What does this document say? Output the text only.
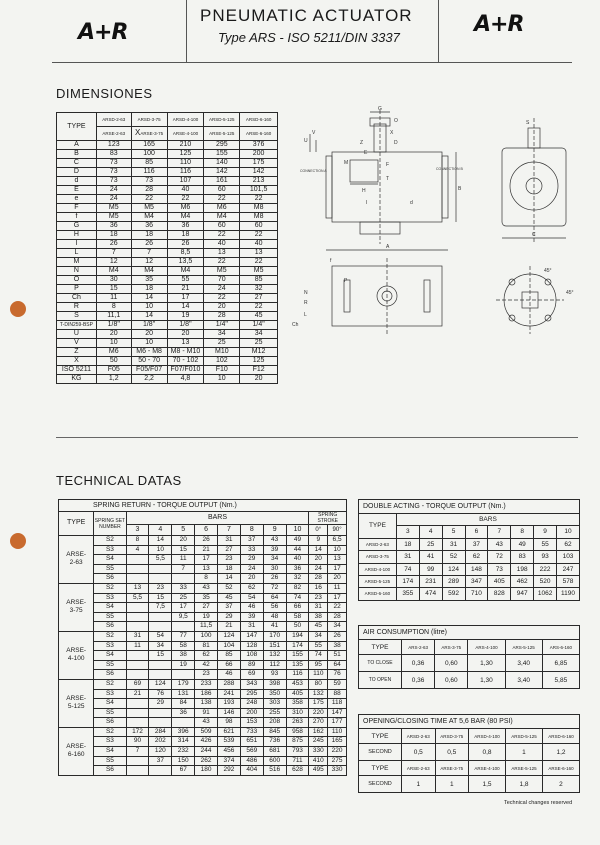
A+R	A+R
PNEUMATIC ACTUATOR
Type ARS - ISO 5211/DIN 3337
DIMENSIONES
TYPE	ARSD-2-63	ARSD-3-75	ARSD-4-100	ARSD-5-125	ARSD-6-160
	ARSE-2-63	XARSE-3-75	ARSE-4-100	ARSE-5-125	ARSE-6-160
A	123	165	210	295	376
B	83	100	125	155	200
C	73	85	110	140	175
D	73	116	116	142	142
d	73	73	107	161	213
E	24	28	40	60	101,5
e	24	22	22	22	22
F	M5	M5	M6	M6	M8
f	M5	M4	M4	M4	M8
G	36	36	36	60	60
H	18	18	18	22	22
I	26	26	26	40	40
L	7	7	8,5	13	13
M	12	12	13,5	22	22
N	M4	M4	M4	M5	M5
O	30	35	55	70	85
P	15	18	21	24	32
Ch	11	14	17	22	27
R	8	10	14	20	22
S	11,1	14	19	28	45
T-DIN259-BSP	1/8"	1/8"	1/8"	1/4"	1/4"
U	20	20	20	34	34
V	10	10	13	25	25
Z	M6	M6 - M8	M8 - M10	M10	M12
X	50	50 - 70	70 - 102	102	125
ISO 5211	F05	F05/F07	F07/F010	F10	F12
KG	1,2	2,2	4,8	10	20
G
O
X
D
Z
E
U
V
M	F
H
T
I	d
B
A
CONNECTION A	CONNECTION B
C
S
f
N
R
L
P
Ch
45°
45°
TECHNICAL DATAS
SPRING RETURN - TORQUE OUTPUT (Nm.)
TYPE	SPRING SET NUMBER	BARS								SPRING STROKE	
		3	4	5	6	7	8	9	10	0°	90°
ARSE-
2-63	S2	8	14	20	26	31	37	43	49	9	6,5
	S3	4	10	15	21	27	33	39	44	14	10
	S4		5,5	11	17	23	29	34	40	20	13
	S5			7	13	18	24	30	36	24	17
	S6				8	14	20	26	32	28	20
ARSE-
3-75	S2	13	23	33	43	52	62	72	82	16	11
	S3	5,5	15	25	35	45	54	64	74	23	17
	S4		7,5	17	27	37	46	56	66	31	22
	S5			9,5	19	29	39	48	58	38	28
	S6				11,5	21	31	41	50	45	34
ARSE-
4-100	S2	31	54	77	100	124	147	170	194	34	26
	S3	11	34	58	81	104	128	151	174	55	38
	S4		15	38	62	85	108	132	155	74	51
	S5			19	42	66	89	112	135	95	64
	S6				23	46	69	93	116	110	76
ARSE-
5-125	S2	69	124	179	233	288	343	398	453	80	59
	S3	21	76	131	186	241	295	350	405	132	88
	S4		29	84	138	193	248	303	358	175	118
	S5			36	91	146	200	255	310	220	147
	S6				43	98	153	208	263	270	177
ARSE-
6-160	S2	172	284	396	509	621	733	845	958	162	110
	S3	90	202	314	426	539	651	736	875	245	165
	S4	7	120	232	244	456	569	681	793	330	220
	S5		37	150	262	374	486	600	711	410	275
	S6			67	180	292	404	516	628	495	330
DOUBLE ACTING - TORQUE OUTPUT (Nm.)
TYPE	BARS							
	3	4	5	6	7	8	9	10
ARSD-2-63	18	25	31	37	43	49	55	62
ARSD-3-75	31	41	52	62	72	83	93	103
ARSD-4-100	74	99	124	148	73	198	222	247
ARSD-5-125	174	231	289	347	405	462	520	578
ARSD-6-160	355	474	592	710	828	947	1062	1190
AIR CONSUMPTION (litre)
TYPE	ARS-2-63	ARS-3-75	ARS-4-100	ARS-5-125	ARS-6-160
TO CLOSE	0,36	0,60	1,30	3,40	6,85
TO OPEN	0,36	0,60	1,30	3,40	5,85
OPENING/CLOSING TIME AT 5,6 BAR (80 PSI)
TYPE	ARSD-2-63	ARSD-3-75	ARSD-4-100	ARSD-5-125	ARSD-6-160
SECOND	0,5	0,5	0,8	1	1,2
TYPE	ARSE-2-63	ARSE-3-75	ARSE-4-100	ARSE-5-125	ARSE-6-160
SECOND	1	1	1,5	1,8	2
Technical changes reserved
